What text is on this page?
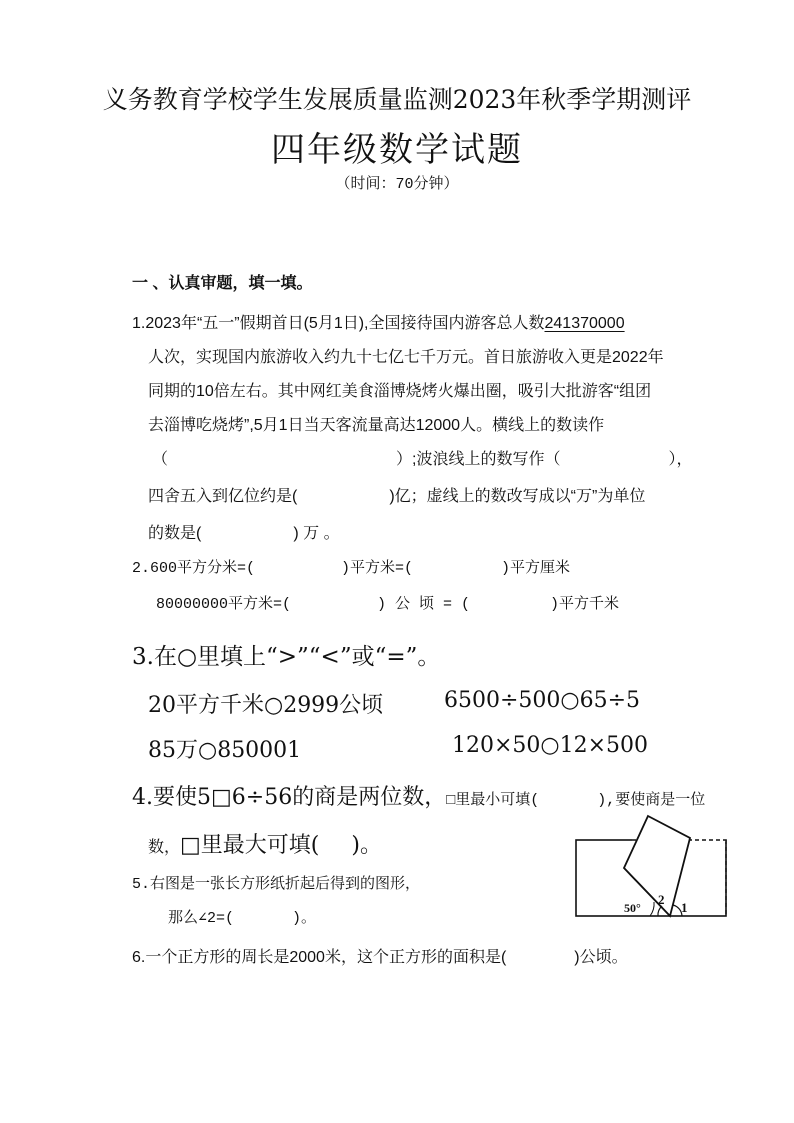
义务教育学校学生发展质量监测2023年秋季学期测评
四年级数学试题
（时间：70分钟）
一 、认真审题，填一填。
1.2023年“五一”假期首日(5月1日),全国接待国内游客总人数241370000
人次，实现国内旅游收入约九十七亿七千万元。首日旅游收入更是2022年
同期的10倍左右。其中网红美食淄博烧烤火爆出圈，吸引大批游客“组团
去淄博吃烧烤”,5月1日当天客流量高达12000人。横线上的数读作
（	）;波浪线上的数写作（	），
四舍五入到亿位约是(	)亿；虚线上的数改写成以“万”为单位
的数是(	) 万 。
2.600平方分米=(	)平方米=(	)平方厘米
80000000平方米=(	) 公 顷 = (	)平方千米
3.在○里填上“>”“<”或“=”。
20平方千米○2999公顷	6500÷500○65÷5
85万○850001	120×50○12×500
4.要使5□6÷56的商是两位数，□里最小可填(	),要使商是一位
数，□里最大可填( )。
5.右图是一张长方形纸折起后得到的图形，
那么∠2=(	)。
50°
2
1
6.一个正方形的周长是2000米，这个正方形的面积是(	)公顷。
